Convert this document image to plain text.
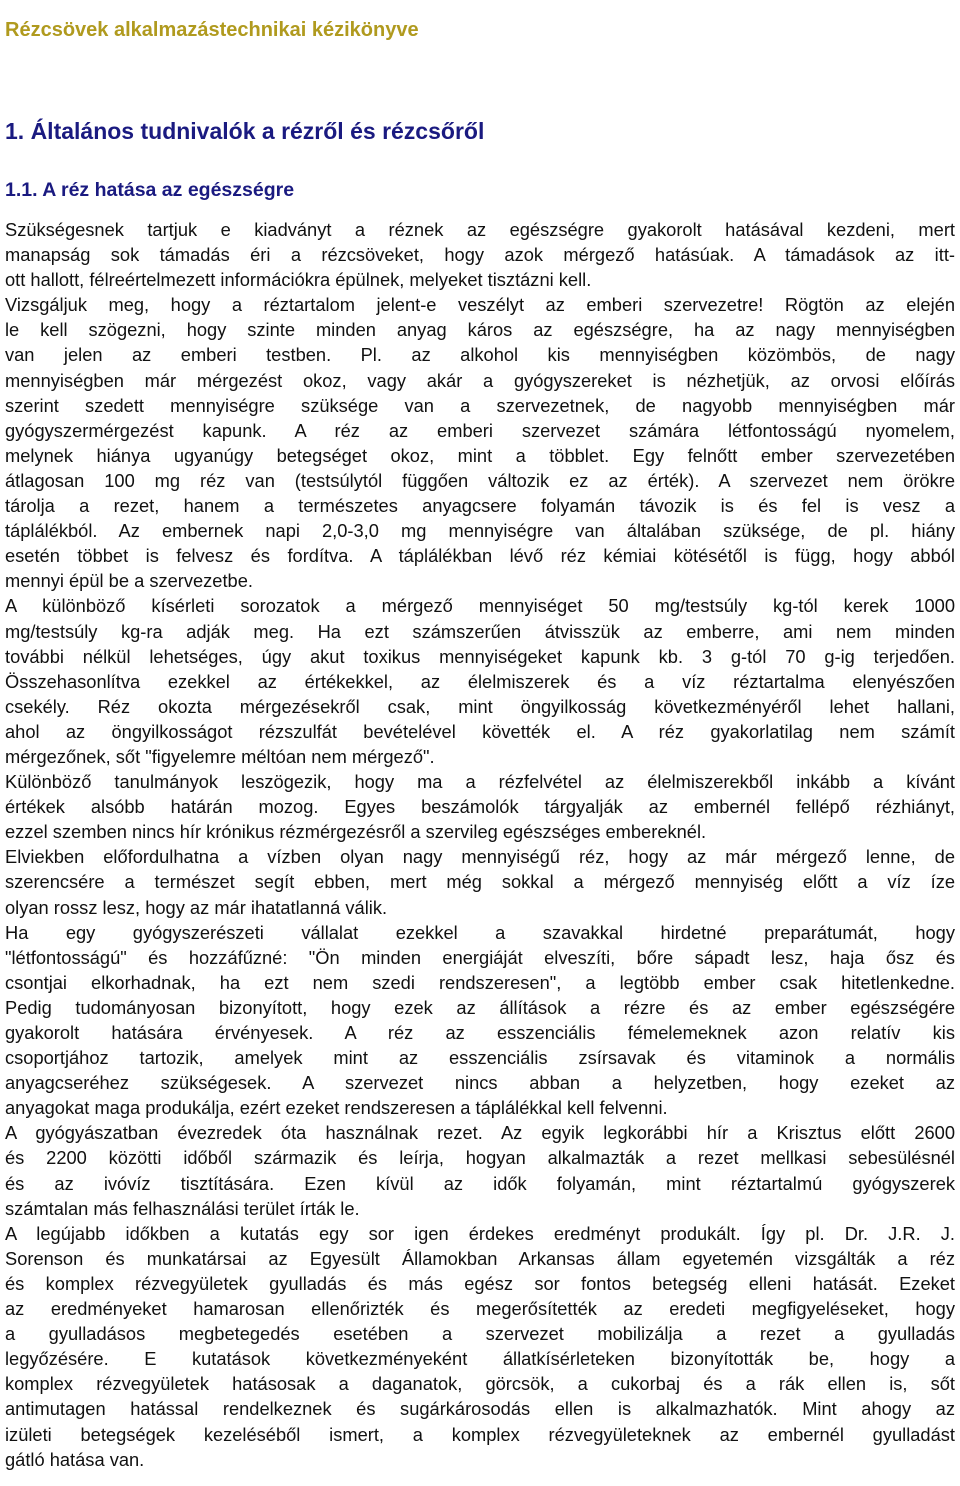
Rézcsövek alkalmazástechnikai kézikönyve
1. Általános tudnivalók a rézről és rézcsőről
1.1. A réz hatása az egészségre
Szükségesnek tartjuk e kiadványt a réznek az egészségre gyakorolt hatásával kezdeni, mert
manapság sok támadás éri a rézcsöveket, hogy azok mérgező hatásúak. A támadások az itt-
ott hallott, félreértelmezett információkra épülnek, melyeket tisztázni kell.
Vizsgáljuk meg, hogy a réztartalom jelent-e veszélyt az emberi szervezetre! Rögtön az elején
le kell szögezni, hogy szinte minden anyag káros az egészségre, ha az nagy mennyiségben
van jelen az emberi testben. Pl. az alkohol kis mennyiségben közömbös, de nagy
mennyiségben már mérgezést okoz, vagy akár a gyógyszereket is nézhetjük, az orvosi előírás
szerint szedett mennyiségre szüksége van a szervezetnek, de nagyobb mennyiségben már
gyógyszermérgezést kapunk. A réz az emberi szervezet számára létfontosságú nyomelem,
melynek hiánya ugyanúgy betegséget okoz, mint a többlet. Egy felnőtt ember szervezetében
átlagosan 100 mg réz van (testsúlytól függően változik ez az érték). A szervezet nem örökre
tárolja a rezet, hanem a természetes anyagcsere folyamán távozik is és fel is vesz a
táplálékból. Az embernek napi 2,0-3,0 mg mennyiségre van általában szüksége, de pl. hiány
esetén többet is felvesz és fordítva. A táplálékban lévő réz kémiai kötésétől is függ, hogy abból
mennyi épül be a szervezetbe.
A különböző kísérleti sorozatok a mérgező mennyiséget 50 mg/testsúly kg-tól kerek 1000
mg/testsúly kg-ra adják meg. Ha ezt számszerűen átvisszük az emberre, ami nem minden
további nélkül lehetséges, úgy akut toxikus mennyiségeket kapunk kb. 3 g-tól 70 g-ig terjedően.
Összehasonlítva ezekkel az értékekkel, az élelmiszerek és a víz réztartalma elenyészően
csekély. Réz okozta mérgezésekről csak, mint öngyilkosság következményéről lehet hallani,
ahol az öngyilkosságot rézszulfát bevételével követték el. A réz gyakorlatilag nem számít
mérgezőnek, sőt "figyelemre méltóan nem mérgező".
Különböző tanulmányok leszögezik, hogy ma a rézfelvétel az élelmiszerekből inkább a kívánt
értékek alsóbb határán mozog. Egyes beszámolók tárgyalják az embernél fellépő rézhiányt,
ezzel szemben nincs hír krónikus rézmérgezésről a szervileg egészséges embereknél.
Elviekben előfordulhatna a vízben olyan nagy mennyiségű réz, hogy az már mérgező lenne, de
szerencsére a természet segít ebben, mert még sokkal a mérgező mennyiség előtt a víz íze
olyan rossz lesz, hogy az már ihatatlanná válik.
Ha egy gyógyszerészeti vállalat ezekkel a szavakkal hirdetné preparátumát, hogy
"létfontosságú" és hozzáfűzné: "Ön minden energiáját elveszíti, bőre sápadt lesz, haja ősz és
csontjai elkorhadnak, ha ezt nem szedi rendszeresen", a legtöbb ember csak hitetlenkedne.
Pedig tudományosan bizonyított, hogy ezek az állítások a rézre és az ember egészségére
gyakorolt hatására érvényesek. A réz az esszenciális fémelemeknek azon relatív kis
csoportjához tartozik, amelyek mint az esszenciális zsírsavak és vitaminok a normális
anyagcseréhez szükségesek. A szervezet nincs abban a helyzetben, hogy ezeket az
anyagokat maga produkálja, ezért ezeket rendszeresen a táplálékkal kell felvenni.
A gyógyászatban évezredek óta használnak rezet. Az egyik legkorábbi hír a Krisztus előtt 2600
és 2200 közötti időből származik és leírja, hogyan alkalmazták a rezet mellkasi sebesülésnél
és az ivóvíz tisztítására. Ezen kívül az idők folyamán, mint réztartalmú gyógyszerek
számtalan más felhasználási terület írták le.
A legújabb időkben a kutatás egy sor igen érdekes eredményt produkált. Így pl. Dr. J.R. J.
Sorenson és munkatársai az Egyesült Államokban Arkansas állam egyetemén vizsgálták a réz
és komplex rézvegyületek gyulladás és más egész sor fontos betegség elleni hatását. Ezeket
az eredményeket hamarosan ellenőrizték és megerősítették az eredeti megfigyeléseket, hogy
a gyulladásos megbetegedés esetében a szervezet mobilizálja a rezet a gyulladás
legyőzésére. E kutatások következményeként állatkísérleteken bizonyították be, hogy a
komplex rézvegyületek hatásosak a daganatok, görcsök, a cukorbaj és a rák ellen is, sőt
antimutagen hatással rendelkeznek és sugárkárosodás ellen is alkalmazhatók. Mint ahogy az
izületi betegségek kezeléséből ismert, a komplex rézvegyületeknek az embernél gyulladást
gátló hatása van.
